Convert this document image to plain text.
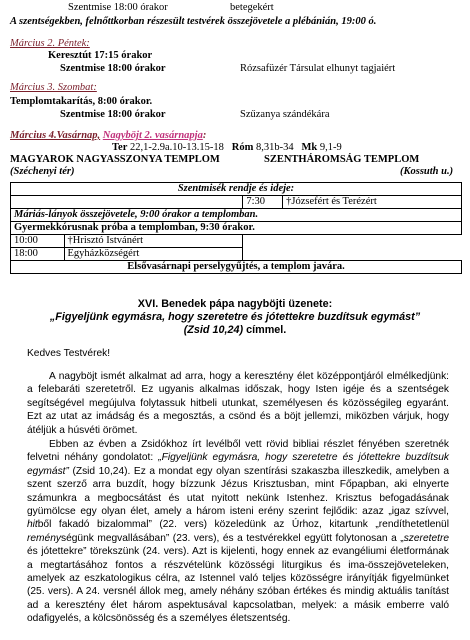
Szentmise 18:00 órakor	betegekért
A szentségekben, felnőttkorban részesült testvérek összejövetele a plébánián, 19:00 ó.
Március 2. Péntek:
Keresztút 17:15 órakor
Szentmise 18:00 órakor	Rózsafüzér Társulat elhunyt tagjaiért
Március 3. Szombat:
Templomtakarítás, 8:00 órakor.
Szentmise 18:00 órakor	Szűzanya szándékára
Március 4.Vasárnap, Nagyböjt 2. vasárnapja:
Ter 22,1-2.9a.10-13.15-18 Róm 8,31b-34 Mk 9,1-9
MAGYAROK NAGYASSZONYA TEMPLOM	SZENTHÁROMSÁG TEMPLOM
(Széchenyi tér)	(Kossuth u.)
Szentmisék rendje és ideje:			
		7:30	†Józsefért és Terézért
Máriás-lányok összejövetele, 9:00 órakor a templomban.			
Gyermekkórusnak próba a templomban, 9:30 órakor.			
10:00	†Hrisztó Istvánért		
18:00	Egyházközségért		
Elsővasárnapi perselygyűjtés, a templom javára.			
XVI. Benedek pápa nagyböjti üzenete:
„Figyeljünk egymásra, hogy szeretetre és jótettekre buzdítsuk egymást”
(Zsid 10,24) címmel.
Kedves Testvérek!

A nagyböjt ismét alkalmat ad arra, hogy a keresztény élet középpontjáról elmélkedjünk: a felebaráti szeretetről. Ez ugyanis alkalmas időszak, hogy Isten igéje és a szentségek segítségével megújulva folytassuk hitbeli utunkat, személyesen és közösségileg egyaránt. Ezt az utat az imádság és a megosztás, a csönd és a böjt jellemzi, miközben várjuk, hogy átéljük a húsvéti örömet.

Ebben az évben a Zsidókhoz írt levélből vett rövid bibliai részlet fényében szeretnék felvetni néhány gondolatot: „Figyeljünk egymásra, hogy szeretetre és jótettekre buzdítsuk egymást” (Zsid 10,24). Ez a mondat egy olyan szentírási szakaszba illeszkedik, amelyben a szent szerző arra buzdít, hogy bízzunk Jézus Krisztusban, mint Főpapban, aki elnyerte számunkra a megbocsátást és utat nyitott nekünk Istenhez. Krisztus befogadásának gyümölcse egy olyan élet, amely a három isteni erény szerint fejlődik: azaz „igaz szívvel, hitből fakadó bizalommal” (22. vers) közeledünk az Úrhoz, kitartunk „rendíthetetlenül reménységünk megvallásában” (23. vers), és a testvérekkel együtt folytonosan a „szeretetre és jótettekre” törekszünk (24. vers). Azt is kijelenti, hogy ennek az evangéliumi életformának a megtartásához fontos a részvételünk közösségi liturgikus és ima-összejöveteleken, amelyek az eszkatologikus célra, az Istennel való teljes közösségre irányítják figyelmünket (25. vers). A 24. versnél állok meg, amely néhány szóban értékes és mindig aktuális tanítást ad a keresztény élet három aspektusával kapcsolatban, melyek: a másik emberre való odafigyelés, a kölcsönösség és a személyes életszentség.
